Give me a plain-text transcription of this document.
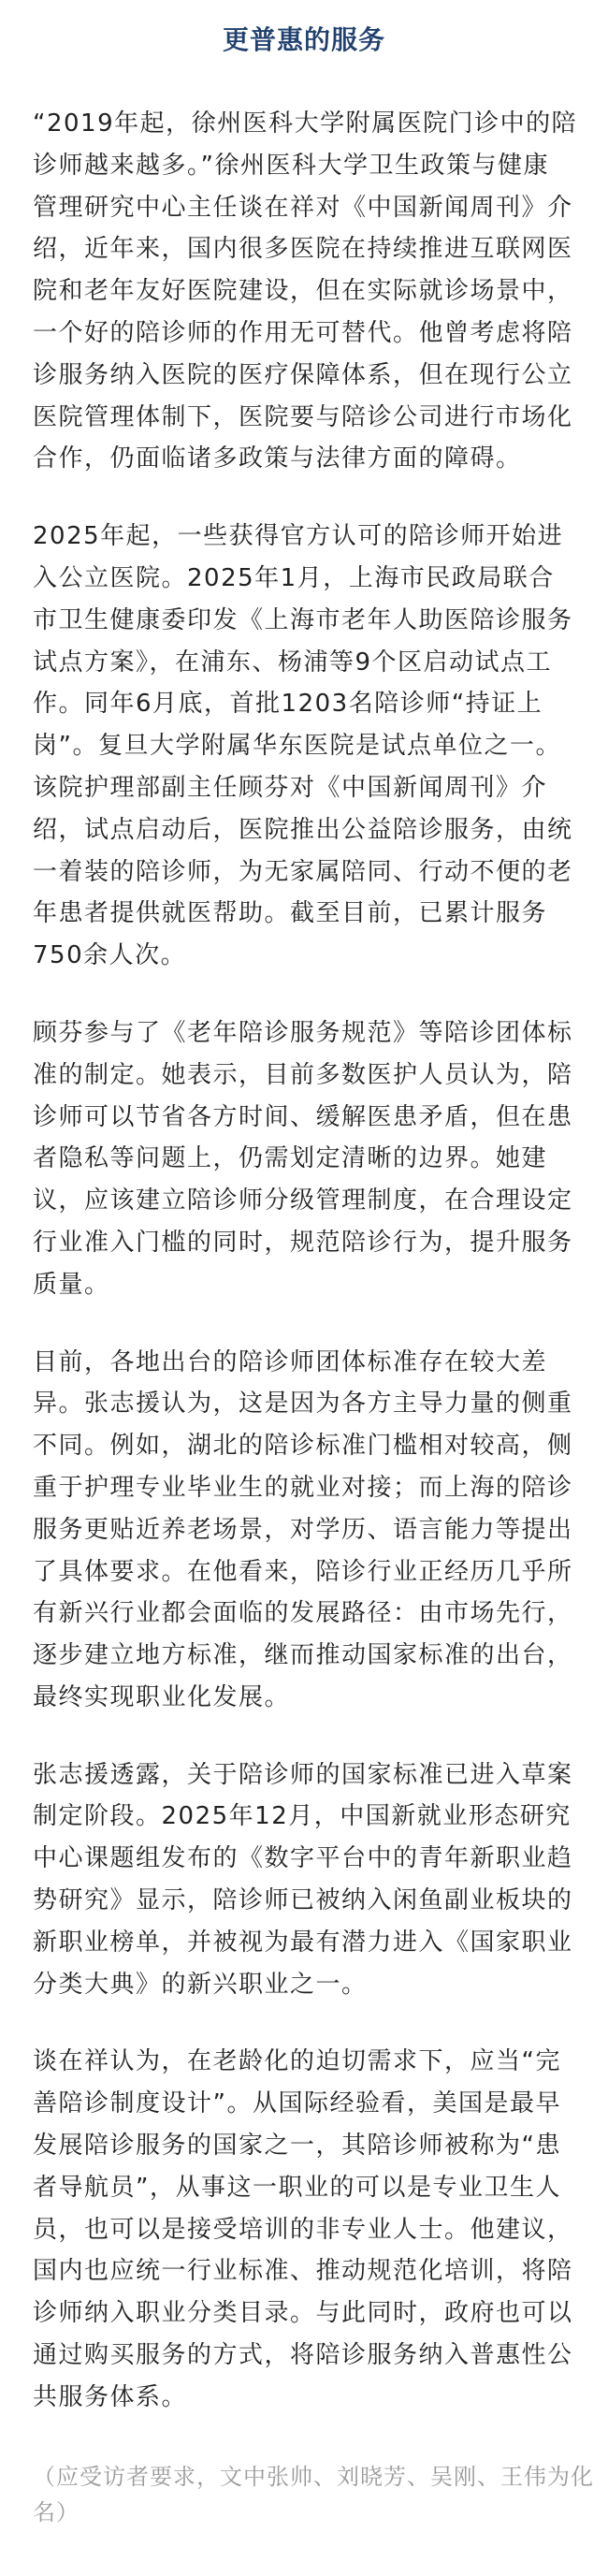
更普惠的服务
“2019年起，徐州医科大学附属医院门诊中的陪
诊师越来越多。”徐州医科大学卫生政策与健康
管理研究中心主任谈在祥对《中国新闻周刊》介
绍，近年来，国内很多医院在持续推进互联网医
院和老年友好医院建设，但在实际就诊场景中，
一个好的陪诊师的作用无可替代。他曾考虑将陪
诊服务纳入医院的医疗保障体系，但在现行公立
医院管理体制下，医院要与陪诊公司进行市场化
合作，仍面临诸多政策与法律方面的障碍。
2025年起，一些获得官方认可的陪诊师开始进
入公立医院。2025年1月，上海市民政局联合
市卫生健康委印发《上海市老年人助医陪诊服务
试点方案》，在浦东、杨浦等9个区启动试点工
作。同年6月底，首批1203名陪诊师“持证上
岗”。复旦大学附属华东医院是试点单位之一。
该院护理部副主任顾芬对《中国新闻周刊》介
绍，试点启动后，医院推出公益陪诊服务，由统
一着装的陪诊师，为无家属陪同、行动不便的老
年患者提供就医帮助。截至目前，已累计服务
750余人次。
顾芬参与了《老年陪诊服务规范》等陪诊团体标
准的制定。她表示，目前多数医护人员认为，陪
诊师可以节省各方时间、缓解医患矛盾，但在患
者隐私等问题上，仍需划定清晰的边界。她建
议，应该建立陪诊师分级管理制度，在合理设定
行业准入门槛的同时，规范陪诊行为，提升服务
质量。
目前，各地出台的陪诊师团体标准存在较大差
异。张志援认为，这是因为各方主导力量的侧重
不同。例如，湖北的陪诊标准门槛相对较高，侧
重于护理专业毕业生的就业对接；而上海的陪诊
服务更贴近养老场景，对学历、语言能力等提出
了具体要求。在他看来，陪诊行业正经历几乎所
有新兴行业都会面临的发展路径：由市场先行，
逐步建立地方标准，继而推动国家标准的出台，
最终实现职业化发展。
张志援透露，关于陪诊师的国家标准已进入草案
制定阶段。2025年12月，中国新就业形态研究
中心课题组发布的《数字平台中的青年新职业趋
势研究》显示，陪诊师已被纳入闲鱼副业板块的
新职业榜单，并被视为最有潜力进入《国家职业
分类大典》的新兴职业之一。
谈在祥认为，在老龄化的迫切需求下，应当“完
善陪诊制度设计”。从国际经验看，美国是最早
发展陪诊服务的国家之一，其陪诊师被称为“患
者导航员”，从事这一职业的可以是专业卫生人
员，也可以是接受培训的非专业人士。他建议，
国内也应统一行业标准、推动规范化培训，将陪
诊师纳入职业分类目录。与此同时，政府也可以
通过购买服务的方式，将陪诊服务纳入普惠性公
共服务体系。
（应受访者要求，文中张帅、刘晓芳、吴刚、王伟为化
名）
